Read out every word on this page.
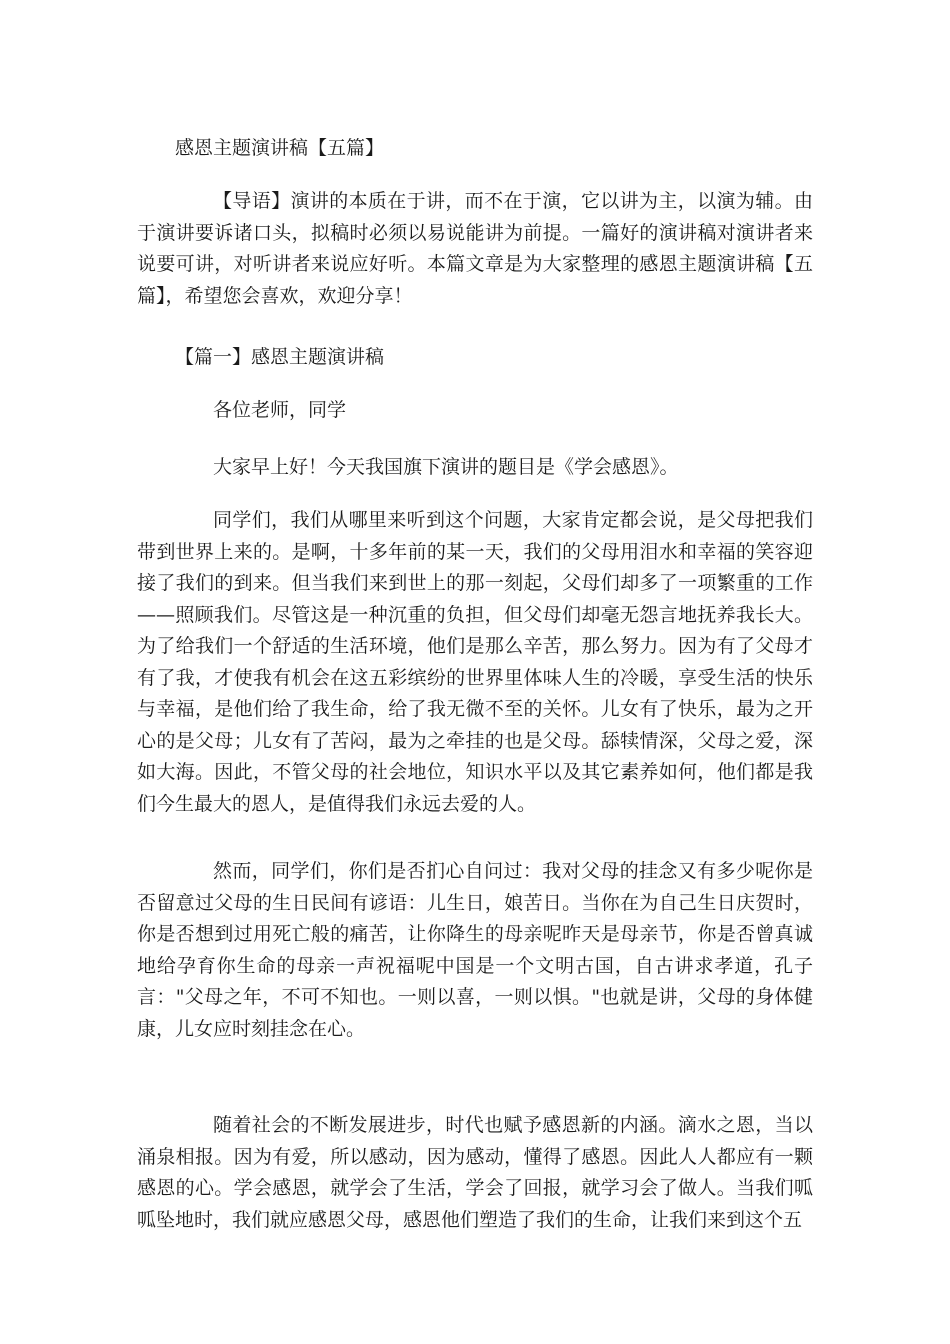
感恩主题演讲稿【五篇】

【导语】演讲的本质在于讲，而不在于演，它以讲为主，以演为辅。由于演讲要诉诸口头，拟稿时必须以易说能讲为前提。一篇好的演讲稿对演讲者来说要可讲，对听讲者来说应好听。本篇文章是为大家整理的感恩主题演讲稿【五篇】，希望您会喜欢，欢迎分享！

【篇一】感恩主题演讲稿
各位老师，同学
大家早上好！今天我国旗下演讲的题目是《学会感恩》。

同学们，我们从哪里来听到这个问题，大家肯定都会说，是父母把我们带到世界上来的。是啊，十多年前的某一天，我们的父母用泪水和幸福的笑容迎接了我们的到来。但当我们来到世上的那一刻起，父母们却多了一项繁重的工作——照顾我们。尽管这是一种沉重的负担，但父母们却毫无怨言地抚养我长大。为了给我们一个舒适的生活环境，他们是那么辛苦，那么努力。因为有了父母才有了我，才使我有机会在这五彩缤纷的世界里体味人生的冷暖，享受生活的快乐与幸福，是他们给了我生命，给了我无微不至的关怀。儿女有了快乐，最为之开心的是父母；儿女有了苦闷，最为之牵挂的也是父母。舔犊情深，父母之爱，深如大海。因此，不管父母的社会地位，知识水平以及其它素养如何，他们都是我们今生最大的恩人，是值得我们永远去爱的人。

然而，同学们，你们是否扪心自问过：我对父母的挂念又有多少呢你是否留意过父母的生日民间有谚语：儿生日，娘苦日。当你在为自己生日庆贺时，你是否想到过用死亡般的痛苦，让你降生的母亲呢昨天是母亲节，你是否曾真诚地给孕育你生命的母亲一声祝福呢中国是一个文明古国，自古讲求孝道，孔子言："父母之年，不可不知也。一则以喜，一则以惧。"也就是讲，父母的身体健康，儿女应时刻挂念在心。

随着社会的不断发展进步，时代也赋予感恩新的内涵。滴水之恩，当以涌泉相报。因为有爱，所以感动，因为感动，懂得了感恩。因此人人都应有一颗感恩的心。学会感恩，就学会了生活，学会了回报，就学习会了做人。当我们呱呱坠地时，我们就应感恩父母，感恩他们塑造了我们的生命，让我们来到这个五
